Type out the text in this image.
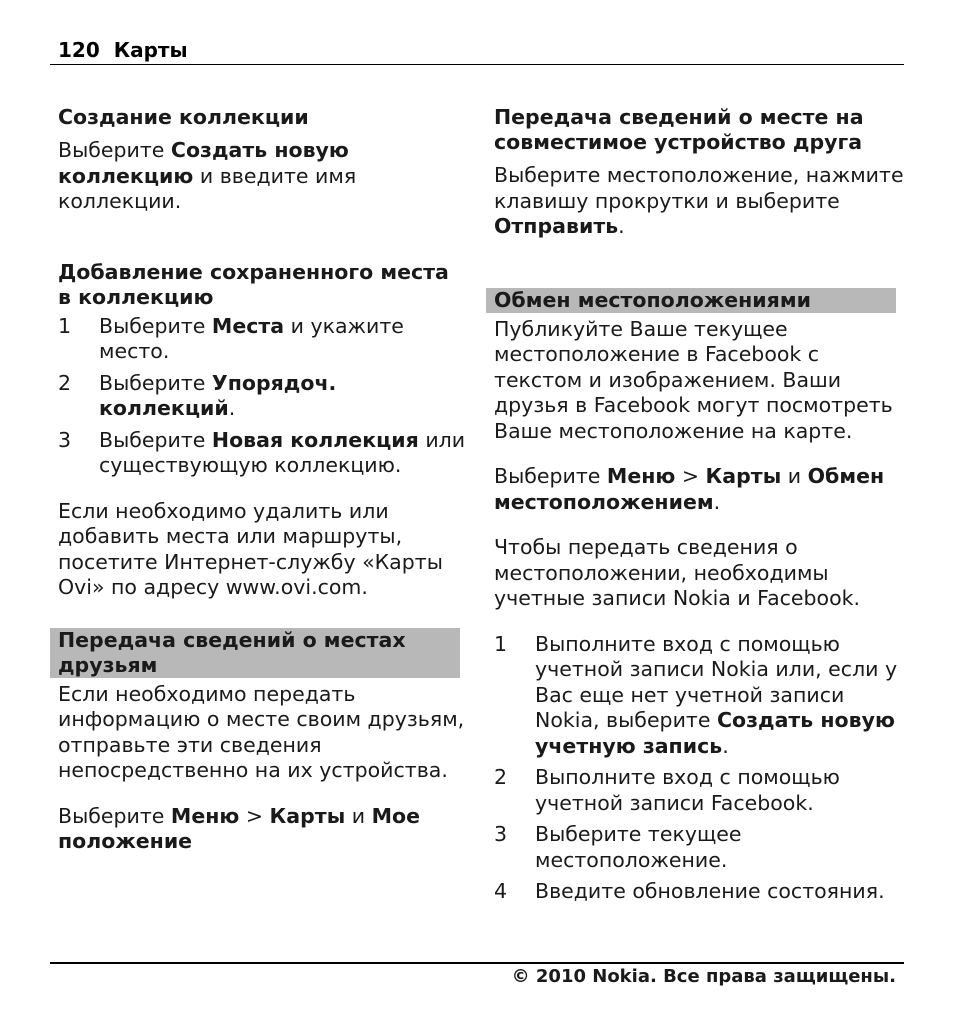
120 Карты

Создание коллекции

Выберите Создать новую коллекцию и введите имя коллекции.

Добавление сохраненного места в коллекцию

1 Выберите Места и укажите место.
2 Выберите Упорядоч. коллекций.
3 Выберите Новая коллекция или существующую коллекцию.

Если необходимо удалить или добавить места или маршруты, посетите Интернет-службу «Карты Ovi» по адресу www.ovi.com.

Передача сведений о местах друзьям

Если необходимо передать информацию о месте своим друзьям, отправьте эти сведения непосредственно на их устройства.

Выберите Меню > Карты и Мое положение

Передача сведений о месте на совместимое устройство друга

Выберите местоположение, нажмите клавишу прокрутки и выберите Отправить.

Обмен местоположениями

Публикуйте Ваше текущее местоположение в Facebook с текстом и изображением. Ваши друзья в Facebook могут посмотреть Ваше местоположение на карте.

Выберите Меню > Карты и Обмен местоположением.

Чтобы передать сведения о местоположении, необходимы учетные записи Nokia и Facebook.

1 Выполните вход с помощью учетной записи Nokia или, если у Вас еще нет учетной записи Nokia, выберите Создать новую учетную запись.
2 Выполните вход с помощью учетной записи Facebook.
3 Выберите текущее местоположение.
4 Введите обновление состояния.
© 2010 Nokia. Все права защищены.
